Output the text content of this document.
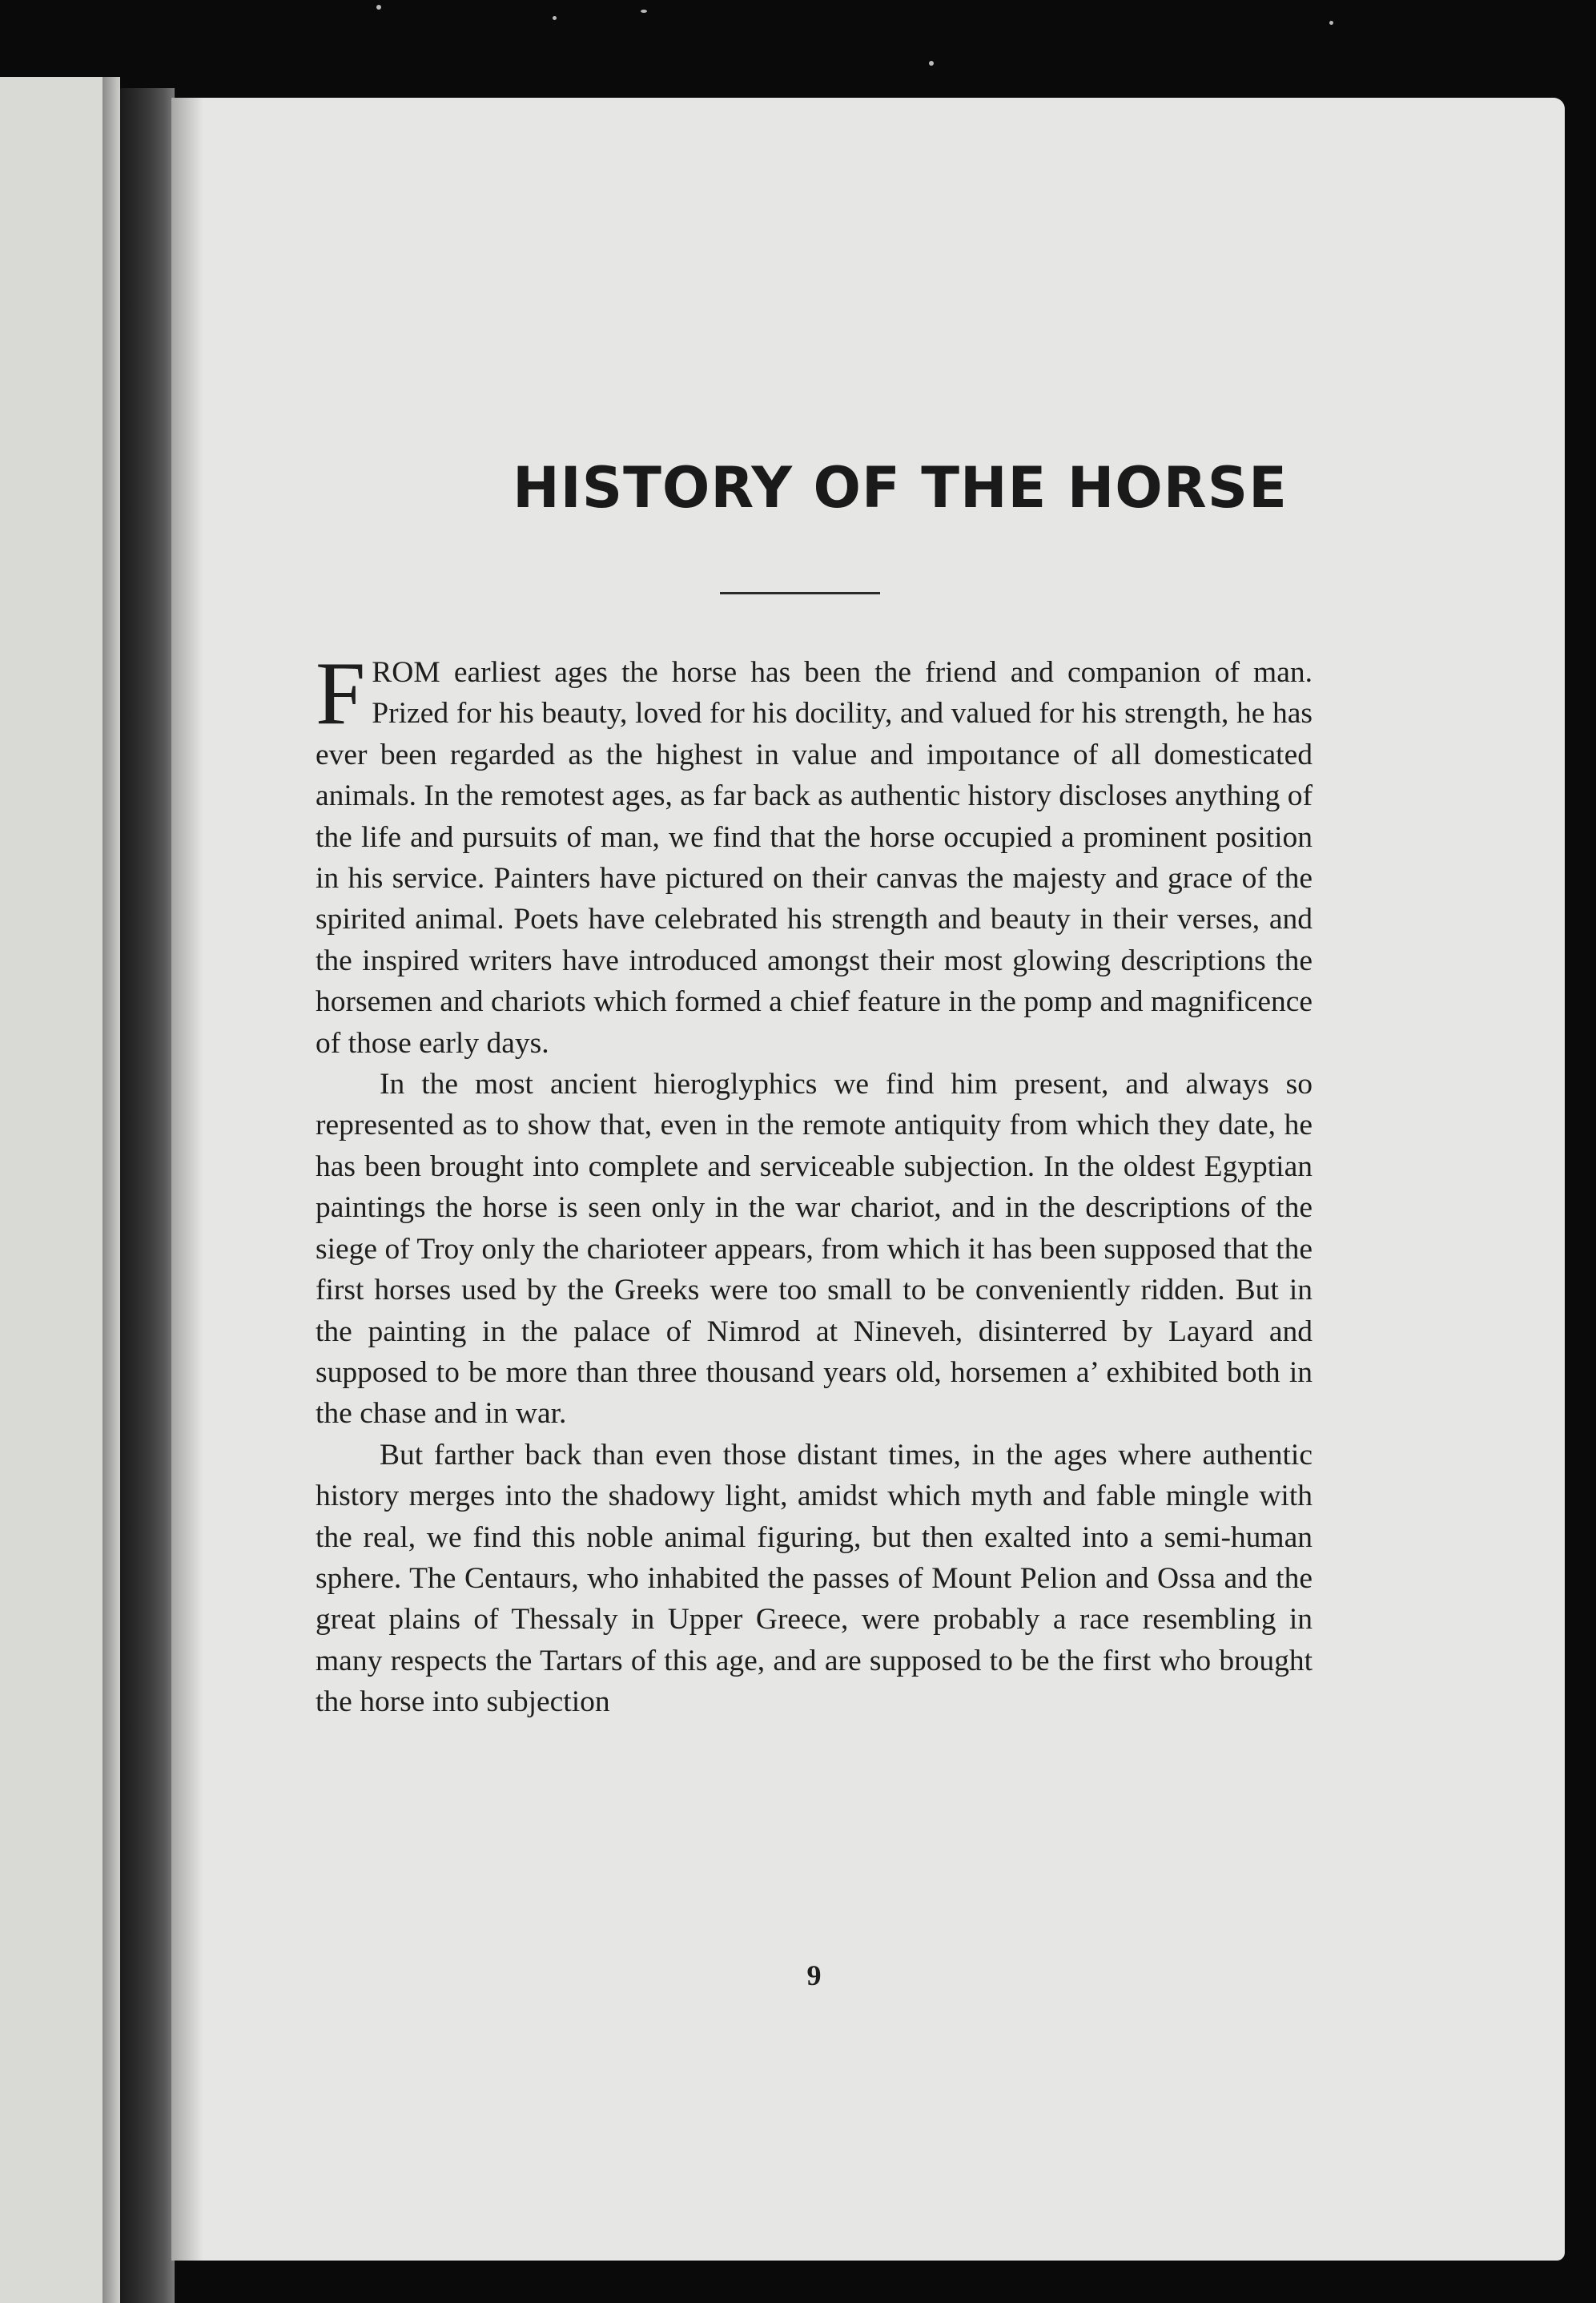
HISTORY OF THE HORSE

FROM earliest ages the horse has been the friend and companion of man. Prized for his beauty, loved for his docility, and valued for his strength, he has ever been regarded as the highest in value and impoıtance of all domesticated animals. In the remotest ages, as far back as authentic history discloses anything of the life and pursuits of man, we find that the horse occupied a prominent position in his service. Painters have pictured on their canvas the majesty and grace of the spirited animal. Poets have celebrated his strength and beauty in their verses, and the inspired writers have introduced amongst their most glowing descriptions the horsemen and chariots which formed a chief feature in the pomp and magnificence of those early days.

In the most ancient hieroglyphics we find him present, and always so represented as to show that, even in the remote antiquity from which they date, he has been brought into complete and serviceable subjection. In the oldest Egyptian paintings the horse is seen only in the war chariot, and in the descriptions of the siege of Troy only the charioteer appears, from which it has been supposed that the first horses used by the Greeks were too small to be conveniently ridden. But in the painting in the palace of Nimrod at Nineveh, disinterred by Layard and supposed to be more than three thousand years old, horsemen a’ exhibited both in the chase and in war.

But farther back than even those distant times, in the ages where authentic history merges into the shadowy light, amidst which myth and fable mingle with the real, we find this noble animal figuring, but then exalted into a semi-human sphere. The Centaurs, who inhabited the passes of Mount Pelion and Ossa and the great plains of Thessaly in Upper Greece, were probably a race resembling in many respects the Tartars of this age, and are supposed to be the first who brought the horse into subjection

9
